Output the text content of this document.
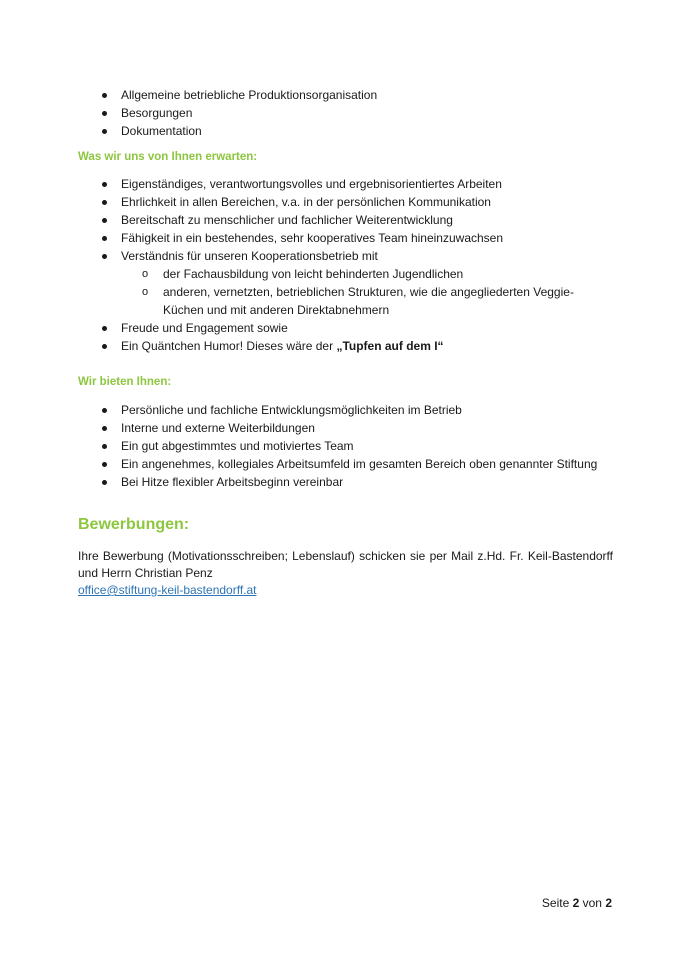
Allgemeine betriebliche Produktionsorganisation
Besorgungen
Dokumentation
Was wir uns von Ihnen erwarten:
Eigenständiges, verantwortungsvolles und ergebnisorientiertes Arbeiten
Ehrlichkeit in allen Bereichen, v.a. in der persönlichen Kommunikation
Bereitschaft zu menschlicher und fachlicher Weiterentwicklung
Fähigkeit in ein bestehendes, sehr kooperatives Team hineinzuwachsen
Verständnis für unseren Kooperationsbetrieb mit
o der Fachausbildung von leicht behinderten Jugendlichen
o anderen, vernetzten, betrieblichen Strukturen, wie die angegliederten Veggie-Küchen und mit anderen Direktabnehmern
Freude und Engagement sowie
Ein Quäntchen Humor! Dieses wäre der „Tupfen auf dem I“
Wir bieten Ihnen:
Persönliche und fachliche Entwicklungsmöglichkeiten im Betrieb
Interne und externe Weiterbildungen
Ein gut abgestimmtes und motiviertes Team
Ein angenehmes, kollegiales Arbeitsumfeld im gesamten Bereich oben genannter Stiftung
Bei Hitze flexibler Arbeitsbeginn vereinbar
Bewerbungen:
Ihre Bewerbung (Motivationsschreiben; Lebenslauf) schicken sie per Mail z.Hd. Fr. Keil-Bastendorff und Herrn Christian Penz
office@stiftung-keil-bastendorff.at
Seite 2 von 2
